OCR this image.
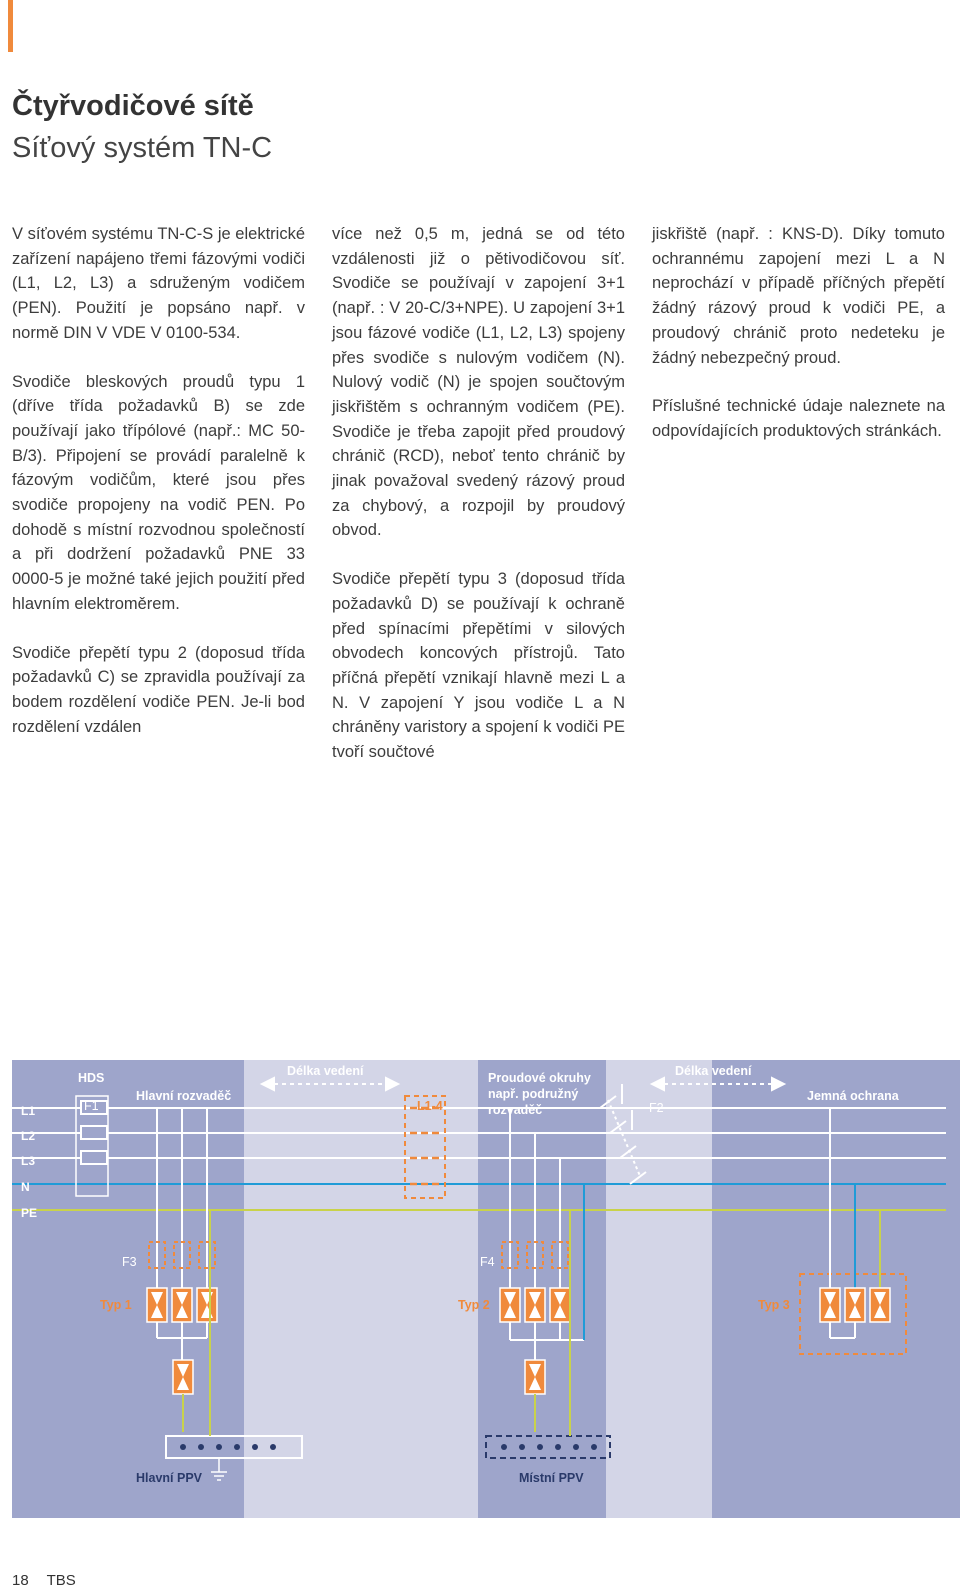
Čtyřvodičové sítě
Síťový systém TN-C

V síťovém systému TN-C-S je elektrické zařízení napájeno třemi fázovými vodiči (L1, L2, L3) a sdruženým vodičem (PEN). Použití je popsáno např. v normě DIN V VDE V 0100-534.

Svodiče bleskových proudů typu 1 (dříve třída požadavků B) se zde používají jako třípólové (např.: MC 50-B/3). Připojení se provádí paralelně k fázovým vodičům, které jsou přes svodiče propojeny na vodič PEN. Po dohodě s místní rozvodnou společností a při dodržení požadavků PNE 33 0000-5 je možné také jejich použití před hlavním elektroměrem.

Svodiče přepětí typu 2 (doposud třída požadavků C) se zpravidla používají za bodem rozdělení vodiče PEN. Je-li bod rozdělení vzdálen

více než 0,5 m, jedná se od této vzdálenosti již o pětivodičovou síť. Svodiče se používají v zapojení 3+1 (např. : V 20-C/3+NPE). U zapojení 3+1 jsou fázové vodiče (L1, L2, L3) spojeny přes svodiče s nulovým vodičem (N). Nulový vodič (N) je spojen součtovým jiskřištěm s ochranným vodičem (PE). Svodiče je třeba zapojit před proudový chránič (RCD), neboť tento chránič by jinak považoval svedený rázový proud za chybový, a rozpojil by proudový obvod.

Svodiče přepětí typu 3 (doposud třída požadavků D) se používají k ochraně před spínacími přepětími v silových obvodech koncových přístrojů. Tato příčná přepětí vznikají hlavně mezi L a N. V zapojení Y jsou vodiče L a N chráněny varistory a spojení k vodiči PE tvoří součtové

jiskřiště (např. : KNS-D). Díky tomuto ochrannému zapojení mezi L a N neprochází v případě příčných přepětí žádný rázový proud k vodiči PE, a proudový chránič proto nedeteku je žádný nebezpečný proud.

Příslušné technické údaje naleznete na odpovídajících produktových stránkách.

L1
L2
L3
N
PE
HDS
F1
Hlavní rozvaděč
Délka vedení
L1-4
Proudové okruhy
např. podružný
rozvaděč
Délka vedení
F2
Jemná ochrana
F3	F4
Typ 1	Typ 2	Typ 3
Hlavní PPV	Místní PPV
18 TBS
